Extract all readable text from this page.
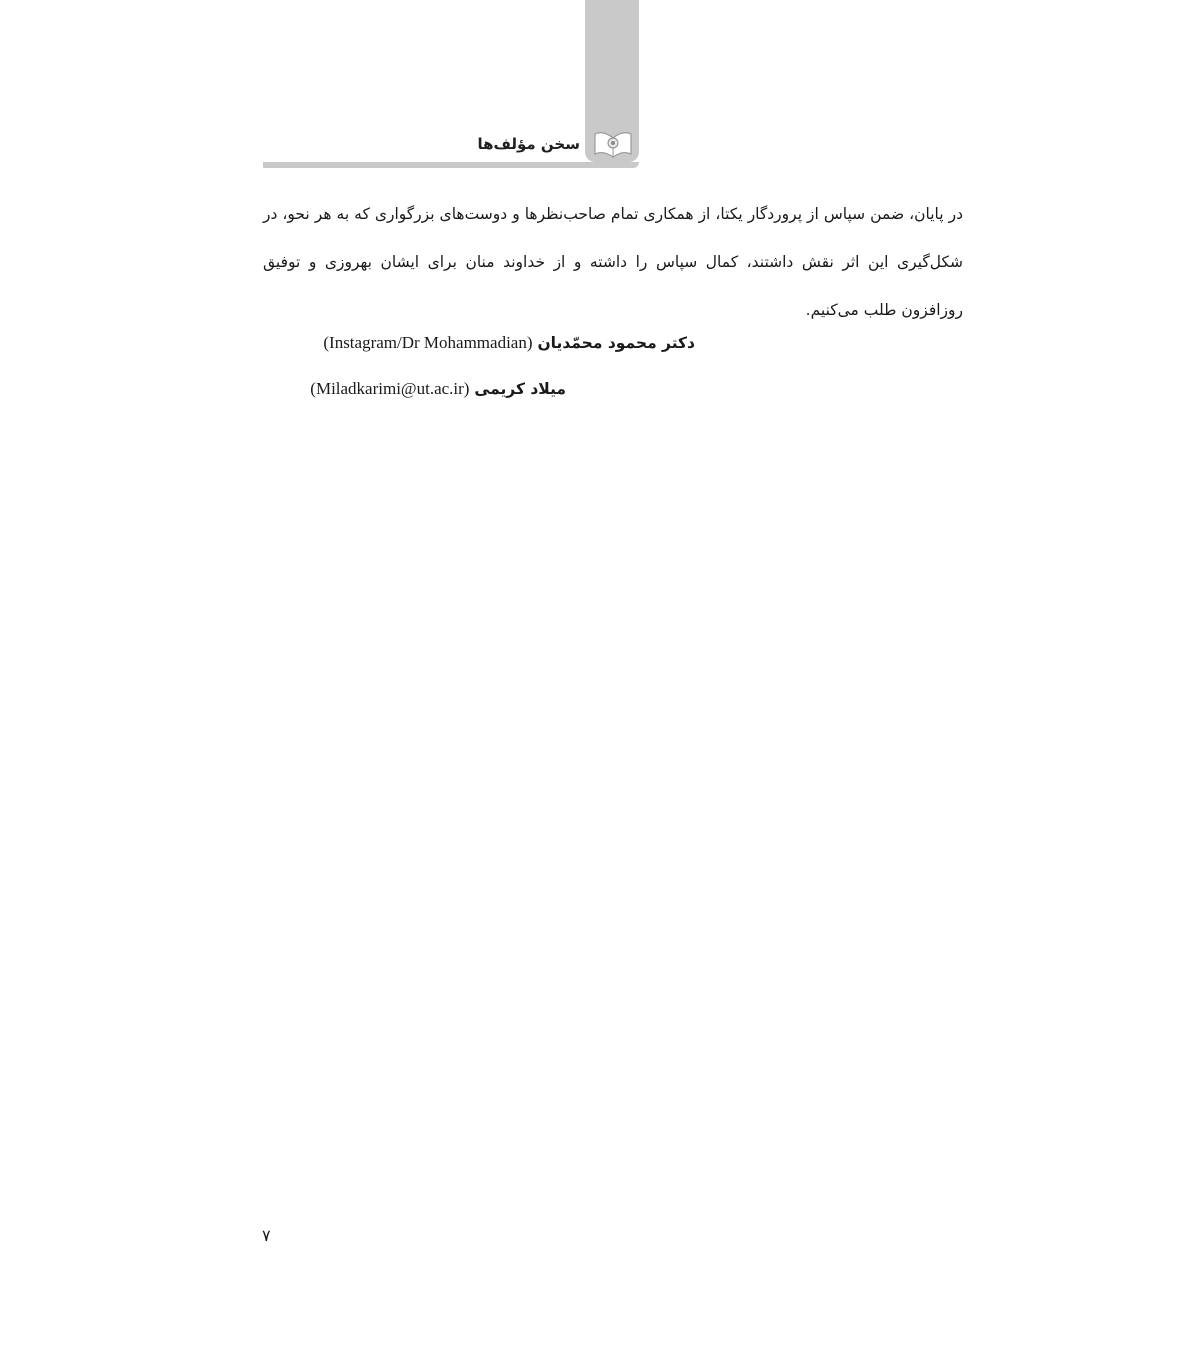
سخن مؤلف‌ها

در پایان، ضمن سپاس از پروردگار یکتا، از همکاری تمام صاحب‌نظرها و دوست‌های بزرگواری که به هر نحو، در شکل‌گیری این اثر نقش داشتند، کمال سپاس را داشته و از خداوند منان برای ایشان بهروزی و توفیق روزافزون طلب می‌کنیم.

دکتر محمود محمّدیان (Instagram/Dr Mohammadian)
میلاد کریمی (Miladkarimi@ut.ac.ir)
۷
